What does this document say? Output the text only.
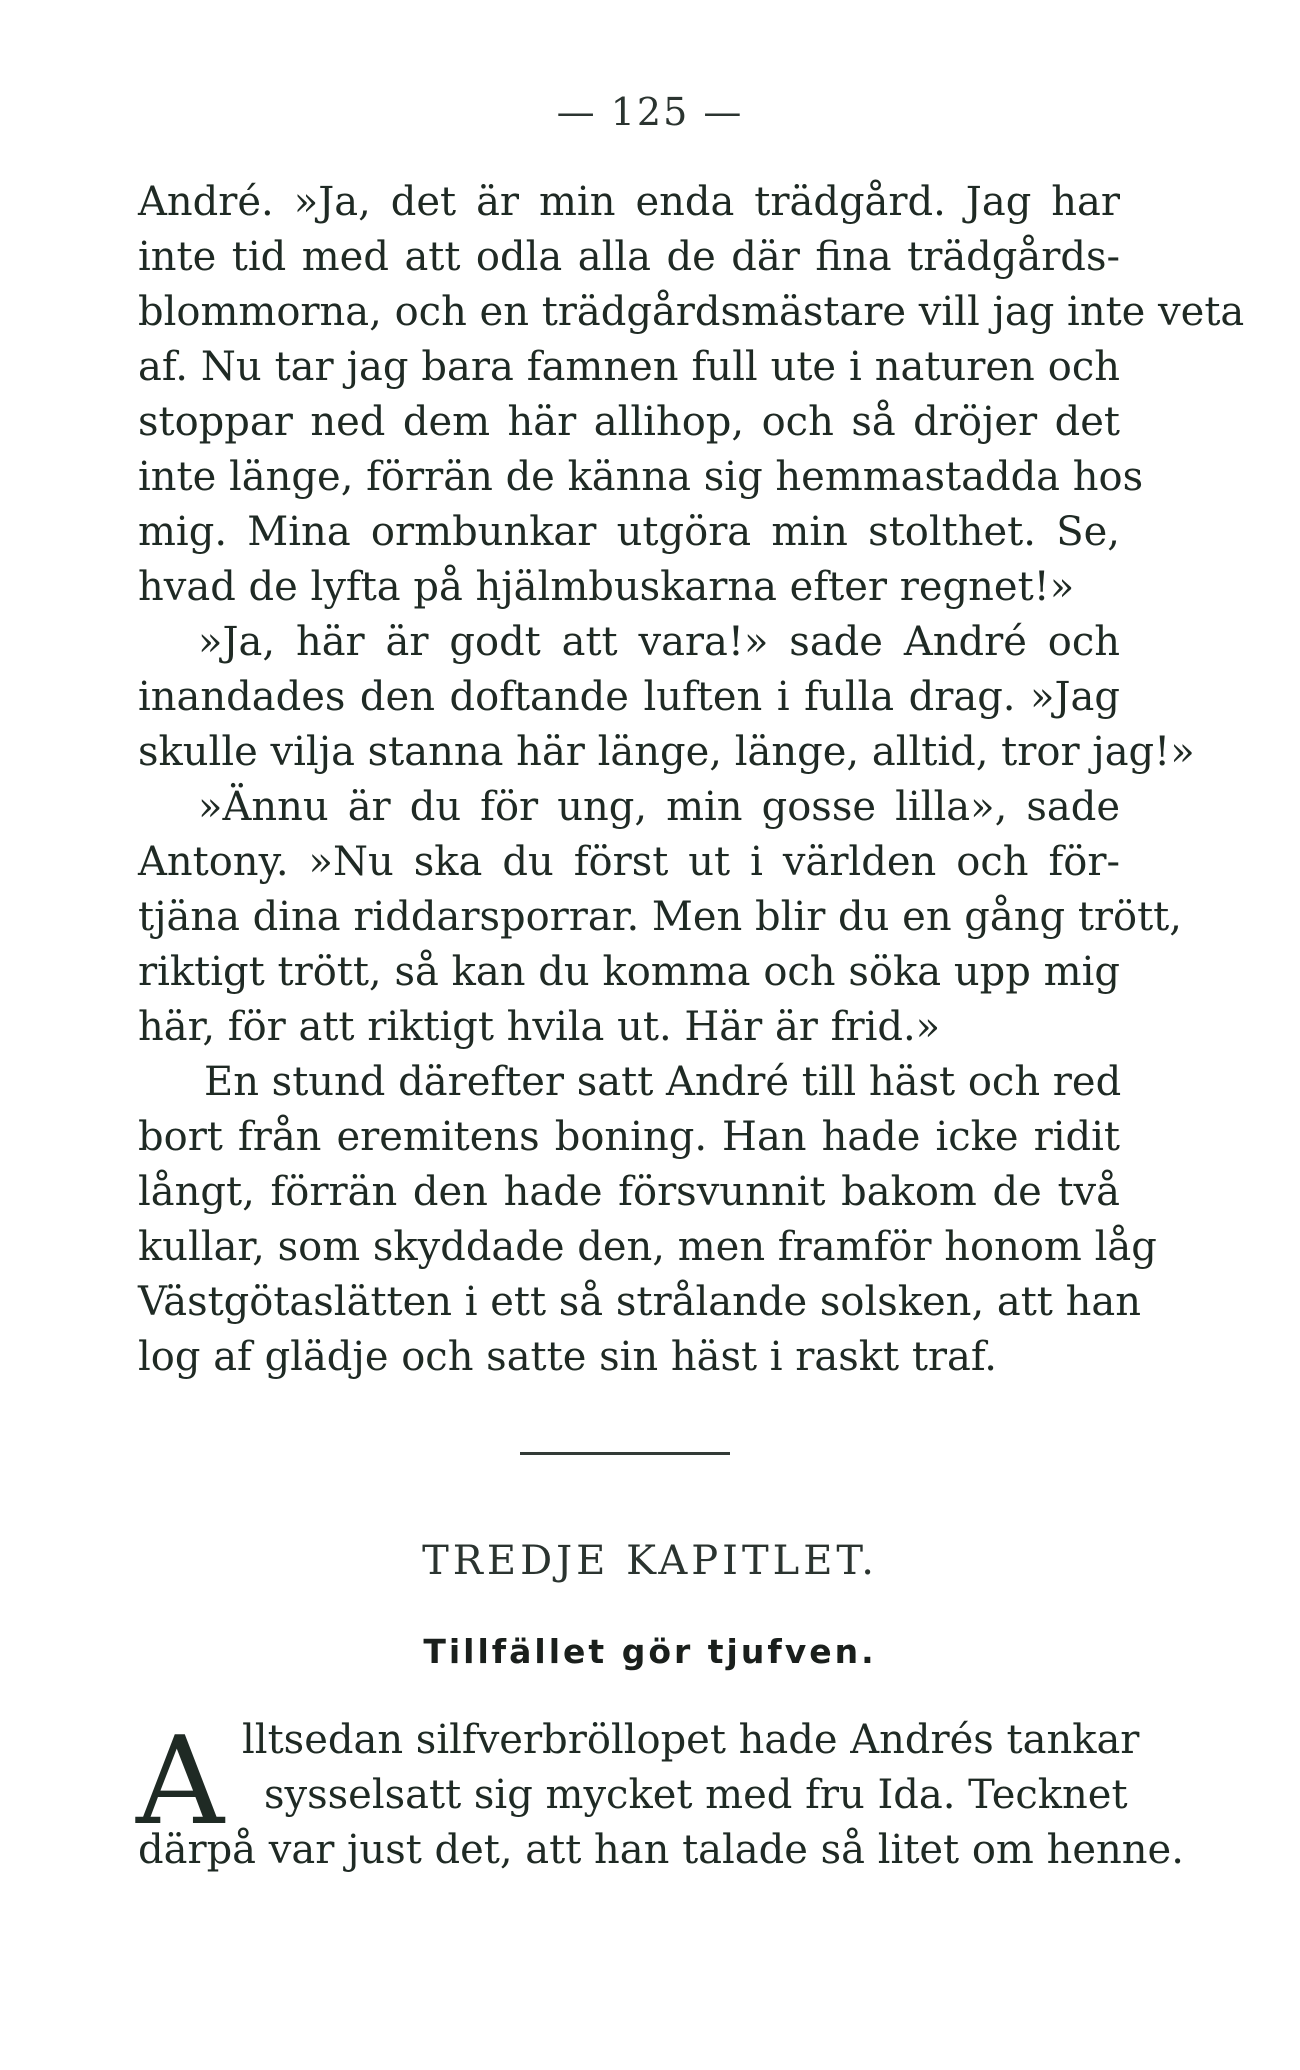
— 125 —
André. »Ja, det är min enda trädgård. Jag har
inte tid med att odla alla de där fina trädgårds-
blommorna, och en trädgårdsmästare vill jag inte veta
af. Nu tar jag bara famnen full ute i naturen och
stoppar ned dem här allihop, och så dröjer det
inte länge, förrän de känna sig hemmastadda hos
mig. Mina ormbunkar utgöra min stolthet. Se,
hvad de lyfta på hjälmbuskarna efter regnet!»
»Ja, här är godt att vara!» sade André och
inandades den doftande luften i fulla drag. »Jag
skulle vilja stanna här länge, länge, alltid, tror jag!»
»Ännu är du för ung, min gosse lilla», sade
Antony. »Nu ska du först ut i världen och för-
tjäna dina riddarsporrar. Men blir du en gång trött,
riktigt trött, så kan du komma och söka upp mig
här, för att riktigt hvila ut. Här är frid.»
En stund därefter satt André till häst och red
bort från eremitens boning. Han hade icke ridit
långt, förrän den hade försvunnit bakom de två
kullar, som skyddade den, men framför honom låg
Västgötaslätten i ett så strålande solsken, att han
log af glädje och satte sin häst i raskt traf.
TREDJE KAPITLET.
Tillfället gör tjufven.
A lltsedan silfverbröllopet hade Andrés tankar
sysselsatt sig mycket med fru Ida. Tecknet
därpå var just det, att han talade så litet om henne.
